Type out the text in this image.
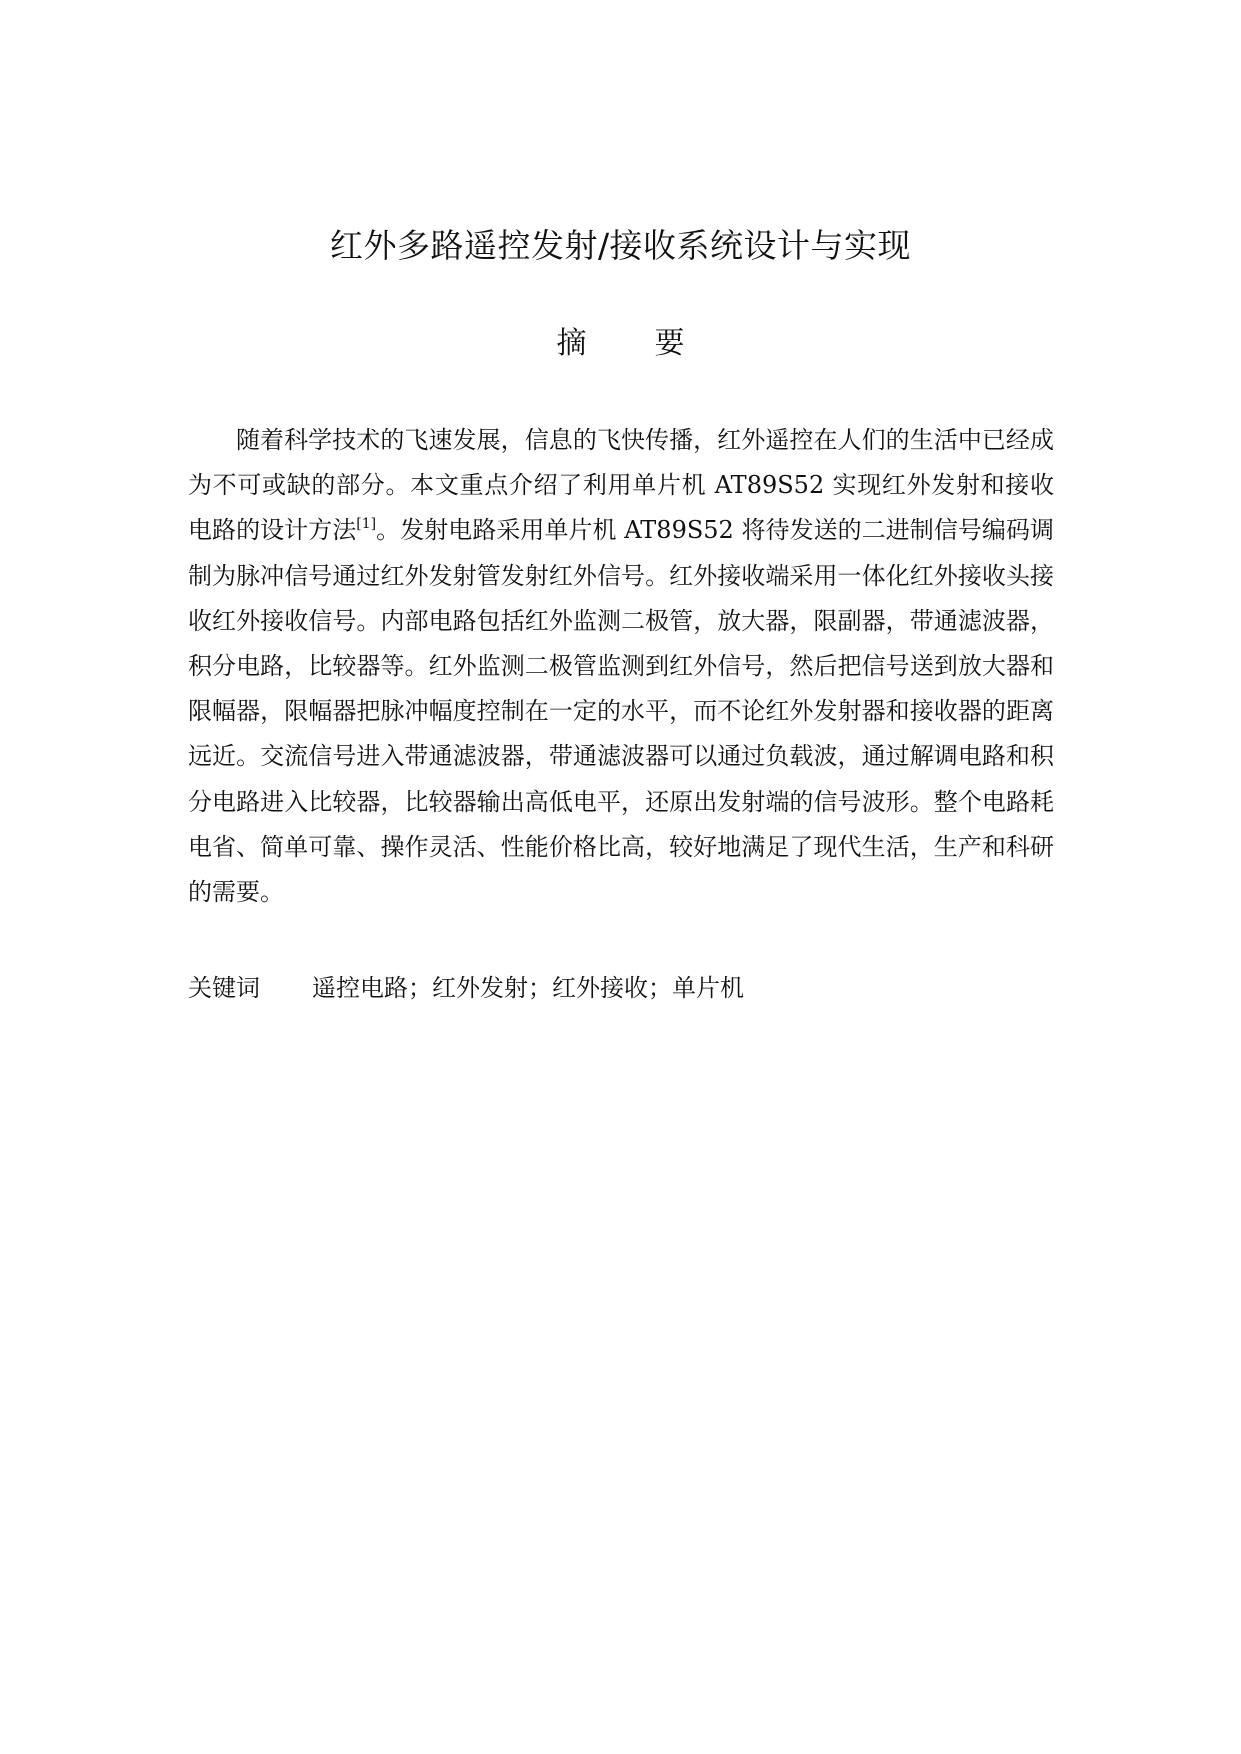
红外多路遥控发射/接收系统设计与实现
摘 要

随着科学技术的飞速发展，信息的飞快传播，红外遥控在人们的生活中已经成为不可或缺的部分。本文重点介绍了利用单片机 AT89S52 实现红外发射和接收电路的设计方法[1]。发射电路采用单片机 AT89S52 将待发送的二进制信号编码调制为脉冲信号通过红外发射管发射红外信号。红外接收端采用一体化红外接收头接收红外接收信号。内部电路包括红外监测二极管，放大器，限副器，带通滤波器，积分电路，比较器等。红外监测二极管监测到红外信号，然后把信号送到放大器和限幅器，限幅器把脉冲幅度控制在一定的水平，而不论红外发射器和接收器的距离远近。交流信号进入带通滤波器，带通滤波器可以通过负载波，通过解调电路和积分电路进入比较器，比较器输出高低电平，还原出发射端的信号波形。整个电路耗电省、简单可靠、操作灵活、性能价格比高，较好地满足了现代生活，生产和科研的需要。

关键词 遥控电路；红外发射；红外接收；单片机
